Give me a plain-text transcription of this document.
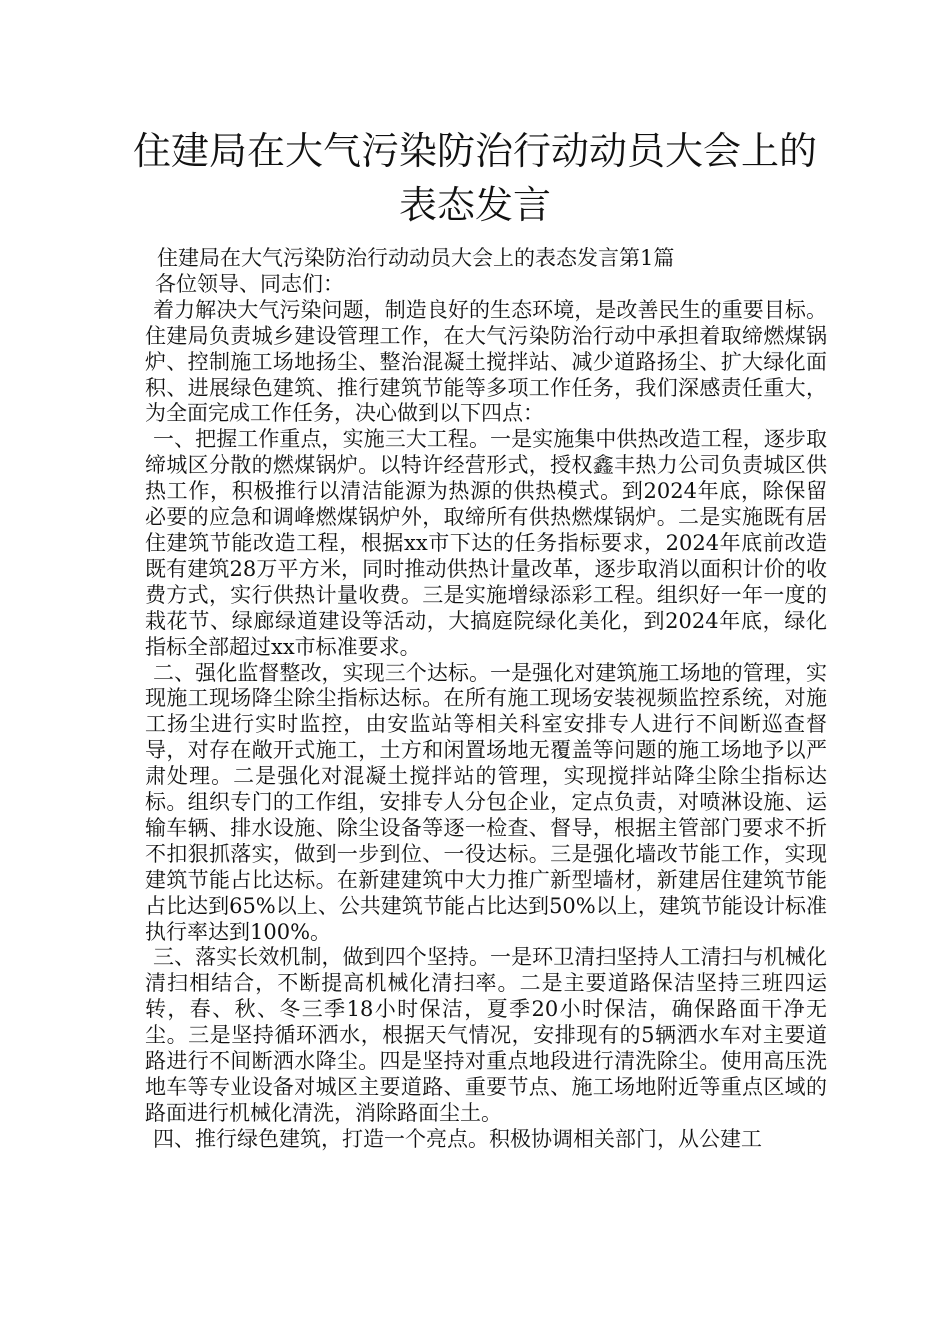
住建局在大气污染防治行动动员大会上的表态发言

住建局在大气污染防治行动动员大会上的表态发言第1篇

各位领导、同志们：

着力解决大气污染问题，制造良好的生态环境，是改善民生的重要目标。住建局负责城乡建设管理工作，在大气污染防治行动中承担着取缔燃煤锅炉、控制施工场地扬尘、整治混凝土搅拌站、减少道路扬尘、扩大绿化面积、进展绿色建筑、推行建筑节能等多项工作任务，我们深感责任重大，为全面完成工作任务，决心做到以下四点：

一、把握工作重点，实施三大工程。一是实施集中供热改造工程，逐步取缔城区分散的燃煤锅炉。以特许经营形式，授权鑫丰热力公司负责城区供热工作，积极推行以清洁能源为热源的供热模式。到2024年底，除保留必要的应急和调峰燃煤锅炉外，取缔所有供热燃煤锅炉。二是实施既有居住建筑节能改造工程，根据xx市下达的任务指标要求，2024年底前改造既有建筑28万平方米，同时推动供热计量改革，逐步取消以面积计价的收费方式，实行供热计量收费。三是实施增绿添彩工程。组织好一年一度的栽花节、绿廊绿道建设等活动，大搞庭院绿化美化，到2024年底，绿化指标全部超过xx市标准要求。

二、强化监督整改，实现三个达标。一是强化对建筑施工场地的管理，实现施工现场降尘除尘指标达标。在所有施工现场安装视频监控系统，对施工扬尘进行实时监控，由安监站等相关科室安排专人进行不间断巡查督导，对存在敞开式施工，土方和闲置场地无覆盖等问题的施工场地予以严肃处理。二是强化对混凝土搅拌站的管理，实现搅拌站降尘除尘指标达标。组织专门的工作组，安排专人分包企业，定点负责，对喷淋设施、运输车辆、排水设施、除尘设备等逐一检查、督导，根据主管部门要求不折不扣狠抓落实，做到一步到位、一役达标。三是强化墙改节能工作，实现建筑节能占比达标。在新建建筑中大力推广新型墙材，新建居住建筑节能占比达到65%以上、公共建筑节能占比达到50%以上，建筑节能设计标准执行率达到100%。

三、落实长效机制，做到四个坚持。一是环卫清扫坚持人工清扫与机械化清扫相结合，不断提高机械化清扫率。二是主要道路保洁坚持三班四运转，春、秋、冬三季18小时保洁，夏季20小时保洁，确保路面干净无尘。三是坚持循环洒水，根据天气情况，安排现有的5辆洒水车对主要道路进行不间断洒水降尘。四是坚持对重点地段进行清洗除尘。使用高压洗地车等专业设备对城区主要道路、重要节点、施工场地附近等重点区域的路面进行机械化清洗，消除路面尘土。

四、推行绿色建筑，打造一个亮点。积极协调相关部门，从公建工
